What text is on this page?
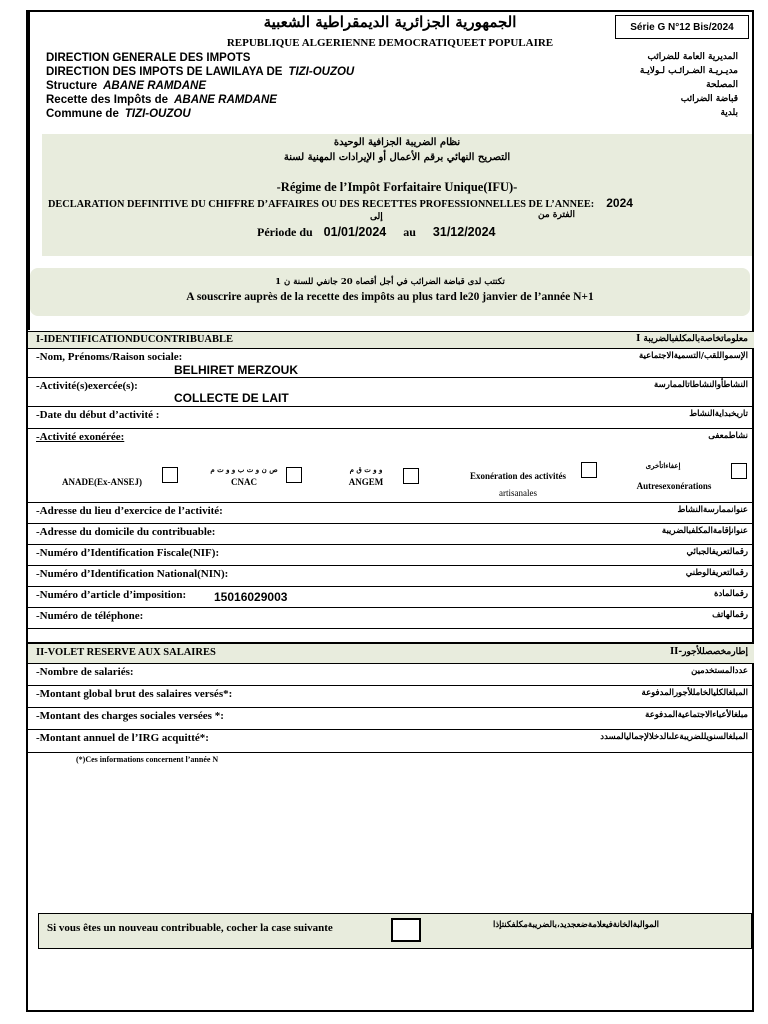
الجمهورية الجزائرية الديمقراطية الشعبية
REPUBLIQUE ALGERIENNE DEMOCRATIQUEET POPULAIRE
Série G N°12 Bis/2024
DIRECTION GENERALE DES IMPOTS
DIRECTION DES IMPOTS DE LAWILAYA DE TIZI-OUZOU
Structure ABANE RAMDANE
Recette des Impôts de ABANE RAMDANE
Commune de TIZI-OUZOU
المديرية العامة للضرائب
مديـريـة الضـرائـب لـولايـة
المصلحة
قباضة الضرائب
بلدية
نظام الضريبة الجزافية الوحيدة
التصريح النهائي برقم الأعمال أو الإيرادات المهنية لسنة
-Régime de l’Impôt Forfaitaire Unique(IFU)-
DECLARATION DEFINITIVE DU CHIFFRE D’AFFAIRES OU DES RECETTES PROFESSIONNELLES DE L’ANNEE: 2024
الفترة من
إلى
Période du 01/01/2024 au 31/12/2024
تكتتب لدى قباضة الضرائب في أجل أقصاه 20 جانفي للسنة ن 1
A souscrire auprès de la recette des impôts au plus tard le20 janvier de l’année N+1
I-IDENTIFICATIONDUCONTRIBUABLE	I معلوماتخاصةبالمكلفبالضريبة
-Nom, Prénoms/Raison sociale:	الإسمواللقب/التسميةالاجتماعية
BELHIRET MERZOUK
-Activité(s)exercée(s):	النشاطأوالنشاطاتالممارسة
COLLECTE DE LAIT
-Date du début d’activité :	تاريخبدايةالنشاط
-Activité exonérée:	نشاطمعفى
ANADE(Ex-ANSEJ)
ص ن و ت ب و و ت م
CNAC
و و ت ق م
ANGEM
Exonération des activités
artisanales
إعفاءاتأخرى
Autresexonérations
-Adresse du lieu d’exercice de l’activité:	عنوانممارسةالنشاط
-Adresse du domicile du contribuable:	عنوانإقامةالمكلفبالضريبة
-Numéro d’Identification Fiscale(NIF):	رقمالتعريفالجبائي
-Numéro d’Identification National(NIN):	رقمالتعريفالوطني
-Numéro d’article d’imposition:	رقمالمادة
15016029003
-Numéro de téléphone:	رقمالهاتف
II-VOLET RESERVE AUX SALAIRES	II-إطارمخصصللأجور
-Nombre de salariés:	عددالمستخدمين
-Montant global brut des salaires versés*:	المبلغالكليالخامللأجورالمدفوعة
-Montant des charges sociales versées *:	مبلغالأعباءالاجتماعيةالمدفوعة
-Montant annuel de l’IRG acquitté*:	المبلغالسنويللضريبةعلىالدخلالإجماليالمسدد
(*)Ces informations concernent l’année N
Si vous êtes un nouveau contribuable, cocher la case suivante	الموالبةالخانةفيعلامةضعجديد،بالضريبةمكلفكنتإذا
